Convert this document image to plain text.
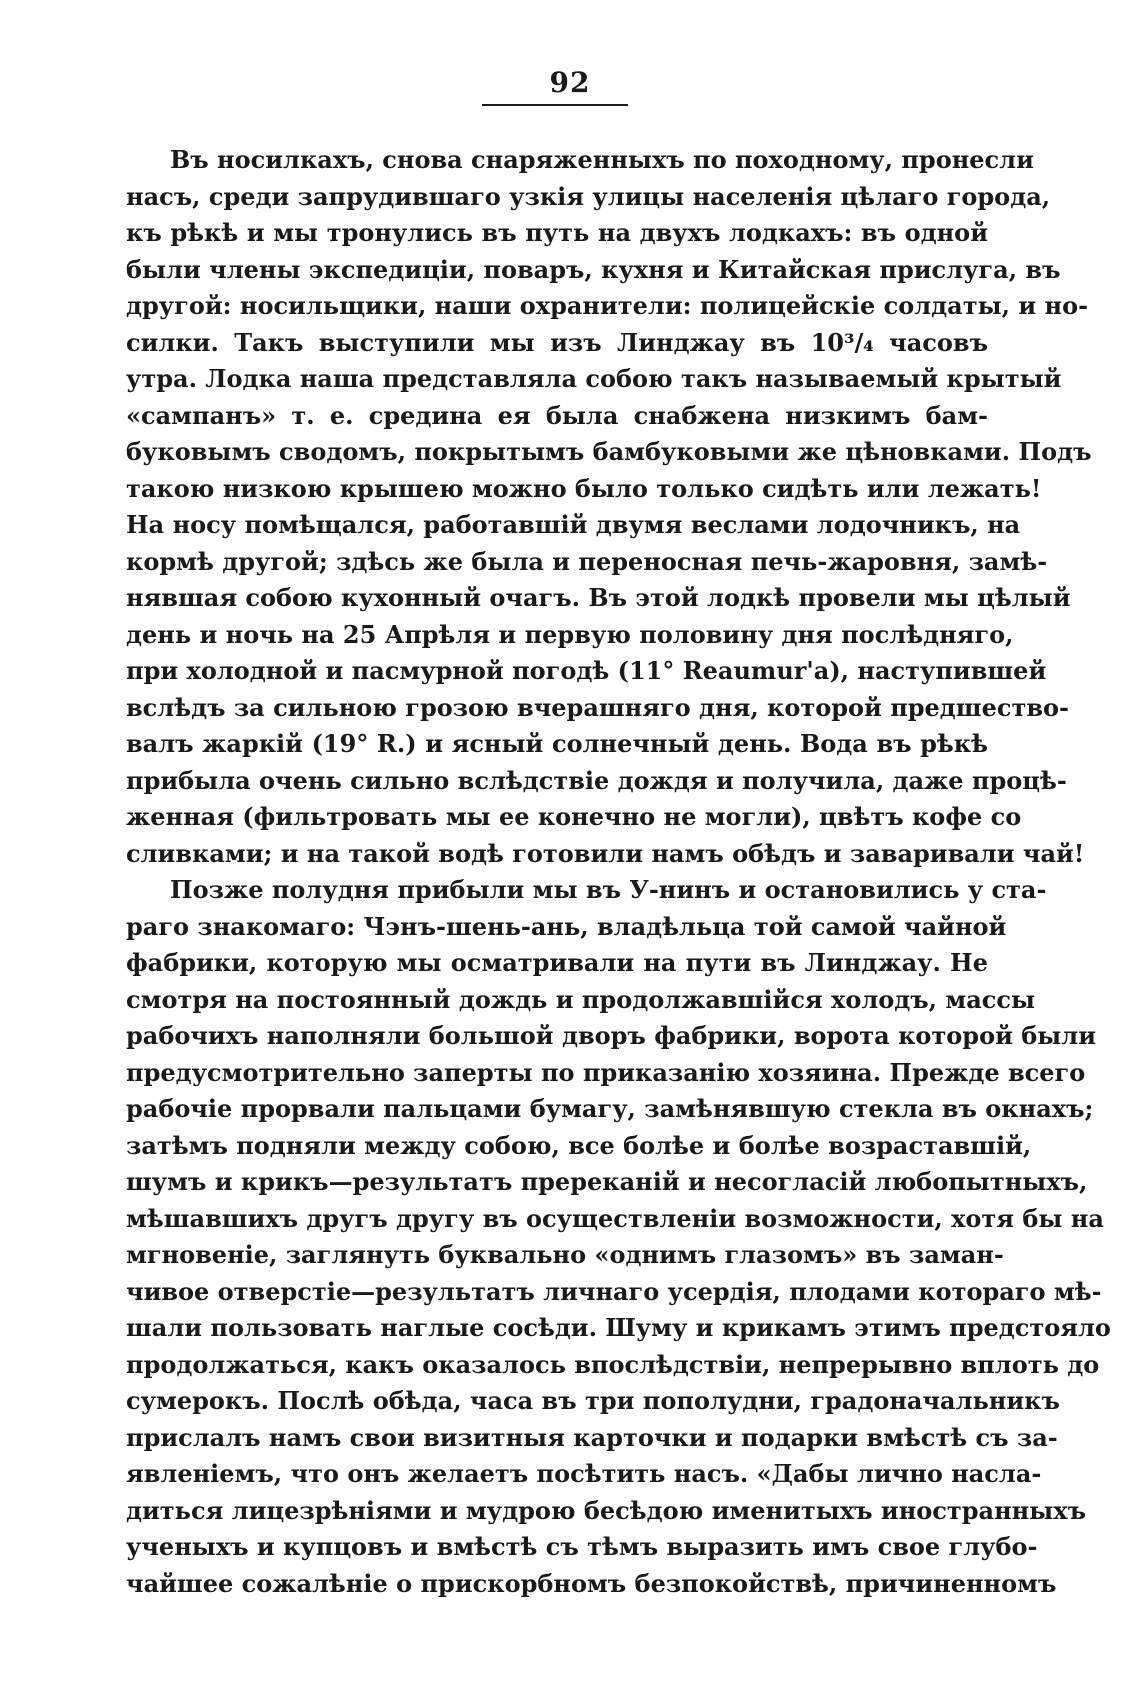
92
Въ носилкахъ, снова снаряженныхъ по походному, пронесли
насъ, среди запрудившаго узкія улицы населенія цѣлаго города,
къ рѣкѣ и мы тронулись въ путь на двухъ лодкахъ: въ одной
были члены экспедиціи, поваръ, кухня и Китайская прислуга, въ
другой: носильщики, наши охранители: полицейскіе солдаты, и но-
силки. Такъ выступили мы изъ Линджау въ 10³/₄ часовъ
утра. Лодка наша представляла собою такъ называемый крытый
«сампанъ» т. е. средина ея была снабжена низкимъ бам-
буковымъ сводомъ, покрытымъ бамбуковыми же цѣновками. Подъ
такою низкою крышею можно было только сидѣть или лежать!
На носу помѣщался, работавшій двумя веслами лодочникъ, на
кормѣ другой; здѣсь же была и переносная печь-жаровня, замѣ-
нявшая собою кухонный очагъ. Въ этой лодкѣ провели мы цѣлый
день и ночь на 25 Апрѣля и первую половину дня послѣдняго,
при холодной и пасмурной погодѣ (11° Reaumur'а), наступившей
вслѣдъ за сильною грозою вчерашняго дня, которой предшество-
валъ жаркій (19° R.) и ясный солнечный день. Вода въ рѣкѣ
прибыла очень сильно вслѣдствіе дождя и получила, даже процѣ-
женная (фильтровать мы ее конечно не могли), цвѣтъ кофе со
сливками; и на такой водѣ готовили намъ обѣдъ и заваривали чай!
Позже полудня прибыли мы въ У-нинъ и остановились у ста-
раго знакомаго: Чэнъ-шень-ань, владѣльца той самой чайной
фабрики, которую мы осматривали на пути въ Линджау. Не
смотря на постоянный дождь и продолжавшійся холодъ, массы
рабочихъ наполняли большой дворъ фабрики, ворота которой были
предусмотрительно заперты по приказанію хозяина. Прежде всего
рабочіе прорвали пальцами бумагу, замѣнявшую стекла въ окнахъ;
затѣмъ подняли между собою, все болѣе и болѣе возраставшій,
шумъ и крикъ—результатъ пререканій и несогласій любопытныхъ,
мѣшавшихъ другъ другу въ осуществленіи возможности, хотя бы на
мгновеніе, заглянуть буквально «однимъ глазомъ» въ заман-
чивое отверстіе—результатъ личнаго усердія, плодами котораго мѣ-
шали пользовать наглые сосѣди. Шуму и крикамъ этимъ предстояло
продолжаться, какъ оказалось впослѣдствіи, непрерывно вплоть до
сумерокъ. Послѣ обѣда, часа въ три пополудни, градоначальникъ
прислалъ намъ свои визитныя карточки и подарки вмѣстѣ съ за-
явленіемъ, что онъ желаетъ посѣтить насъ. «Дабы лично наcла-
диться лицезрѣніями и мудрою бесѣдою именитыхъ иностранныхъ
ученыхъ и купцовъ и вмѣстѣ съ тѣмъ выразить имъ свое глубо-
чайшее сожалѣніе о прискорбномъ безпокойствѣ, причиненномъ
